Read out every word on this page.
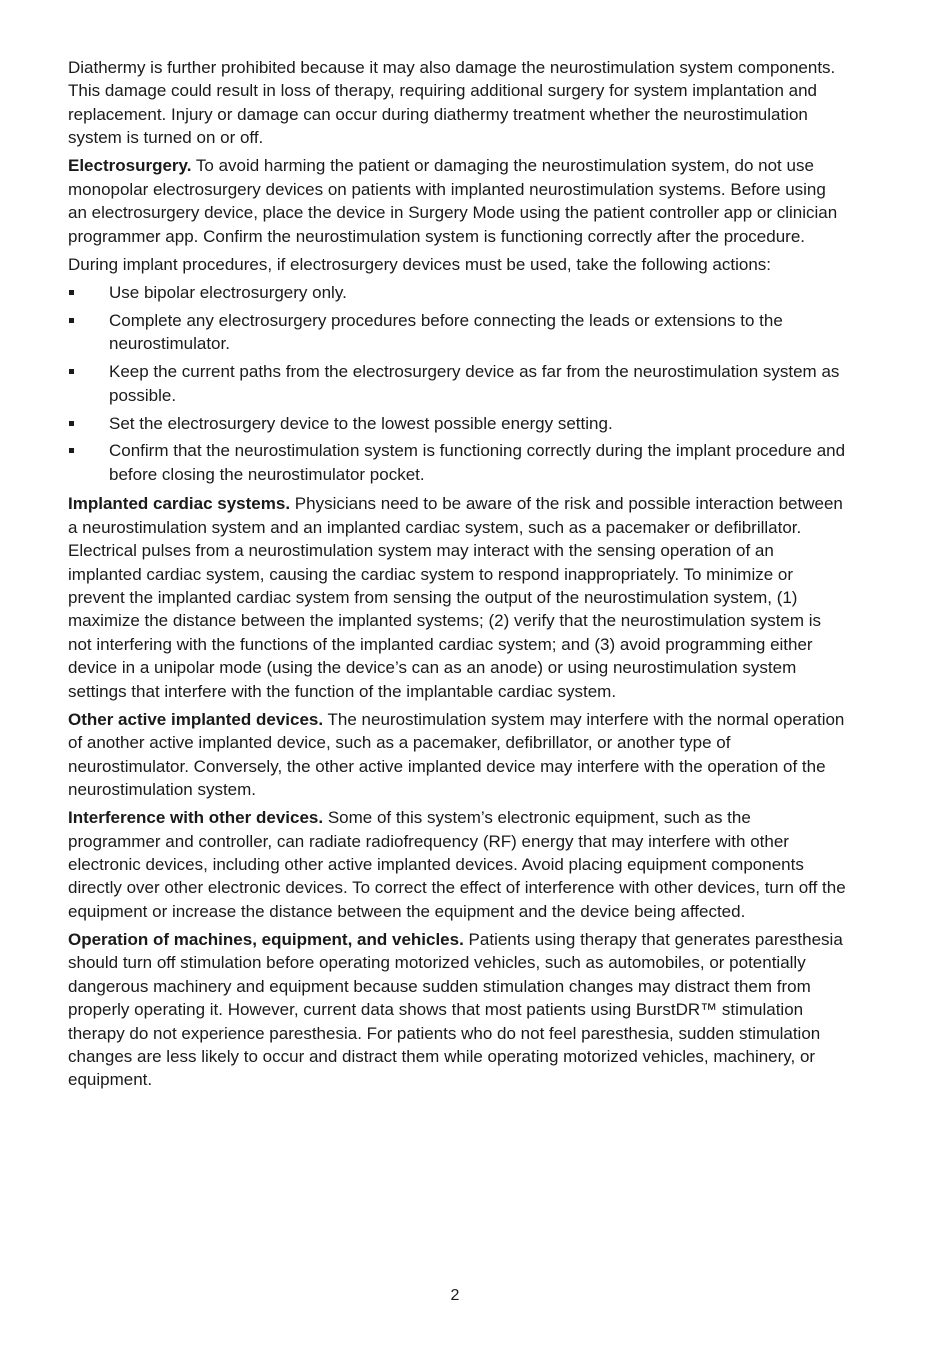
Diathermy is further prohibited because it may also damage the neurostimulation system components. This damage could result in loss of therapy, requiring additional surgery for system implantation and replacement. Injury or damage can occur during diathermy treatment whether the neurostimulation system is turned on or off.

Electrosurgery. To avoid harming the patient or damaging the neurostimulation system, do not use monopolar electrosurgery devices on patients with implanted neurostimulation systems. Before using an electrosurgery device, place the device in Surgery Mode using the patient controller app or clinician programmer app. Confirm the neurostimulation system is functioning correctly after the procedure.

During implant procedures, if electrosurgery devices must be used, take the following actions:

Use bipolar electrosurgery only.
Complete any electrosurgery procedures before connecting the leads or extensions to the neurostimulator.
Keep the current paths from the electrosurgery device as far from the neurostimulation system as possible.
Set the electrosurgery device to the lowest possible energy setting.
Confirm that the neurostimulation system is functioning correctly during the implant procedure and before closing the neurostimulator pocket.

Implanted cardiac systems. Physicians need to be aware of the risk and possible interaction between a neurostimulation system and an implanted cardiac system, such as a pacemaker or defibrillator. Electrical pulses from a neurostimulation system may interact with the sensing operation of an implanted cardiac system, causing the cardiac system to respond inappropriately. To minimize or prevent the implanted cardiac system from sensing the output of the neurostimulation system, (1) maximize the distance between the implanted systems; (2) verify that the neurostimulation system is not interfering with the functions of the implanted cardiac system; and (3) avoid programming either device in a unipolar mode (using the device’s can as an anode) or using neurostimulation system settings that interfere with the function of the implantable cardiac system.

Other active implanted devices. The neurostimulation system may interfere with the normal operation of another active implanted device, such as a pacemaker, defibrillator, or another type of neurostimulator. Conversely, the other active implanted device may interfere with the operation of the neurostimulation system.

Interference with other devices. Some of this system’s electronic equipment, such as the programmer and controller, can radiate radiofrequency (RF) energy that may interfere with other electronic devices, including other active implanted devices. Avoid placing equipment components directly over other electronic devices. To correct the effect of interference with other devices, turn off the equipment or increase the distance between the equipment and the device being affected.

Operation of machines, equipment, and vehicles. Patients using therapy that generates paresthesia should turn off stimulation before operating motorized vehicles, such as automobiles, or potentially dangerous machinery and equipment because sudden stimulation changes may distract them from properly operating it. However, current data shows that most patients using BurstDR™ stimulation therapy do not experience paresthesia. For patients who do not feel paresthesia, sudden stimulation changes are less likely to occur and distract them while operating motorized vehicles, machinery, or equipment.

2
